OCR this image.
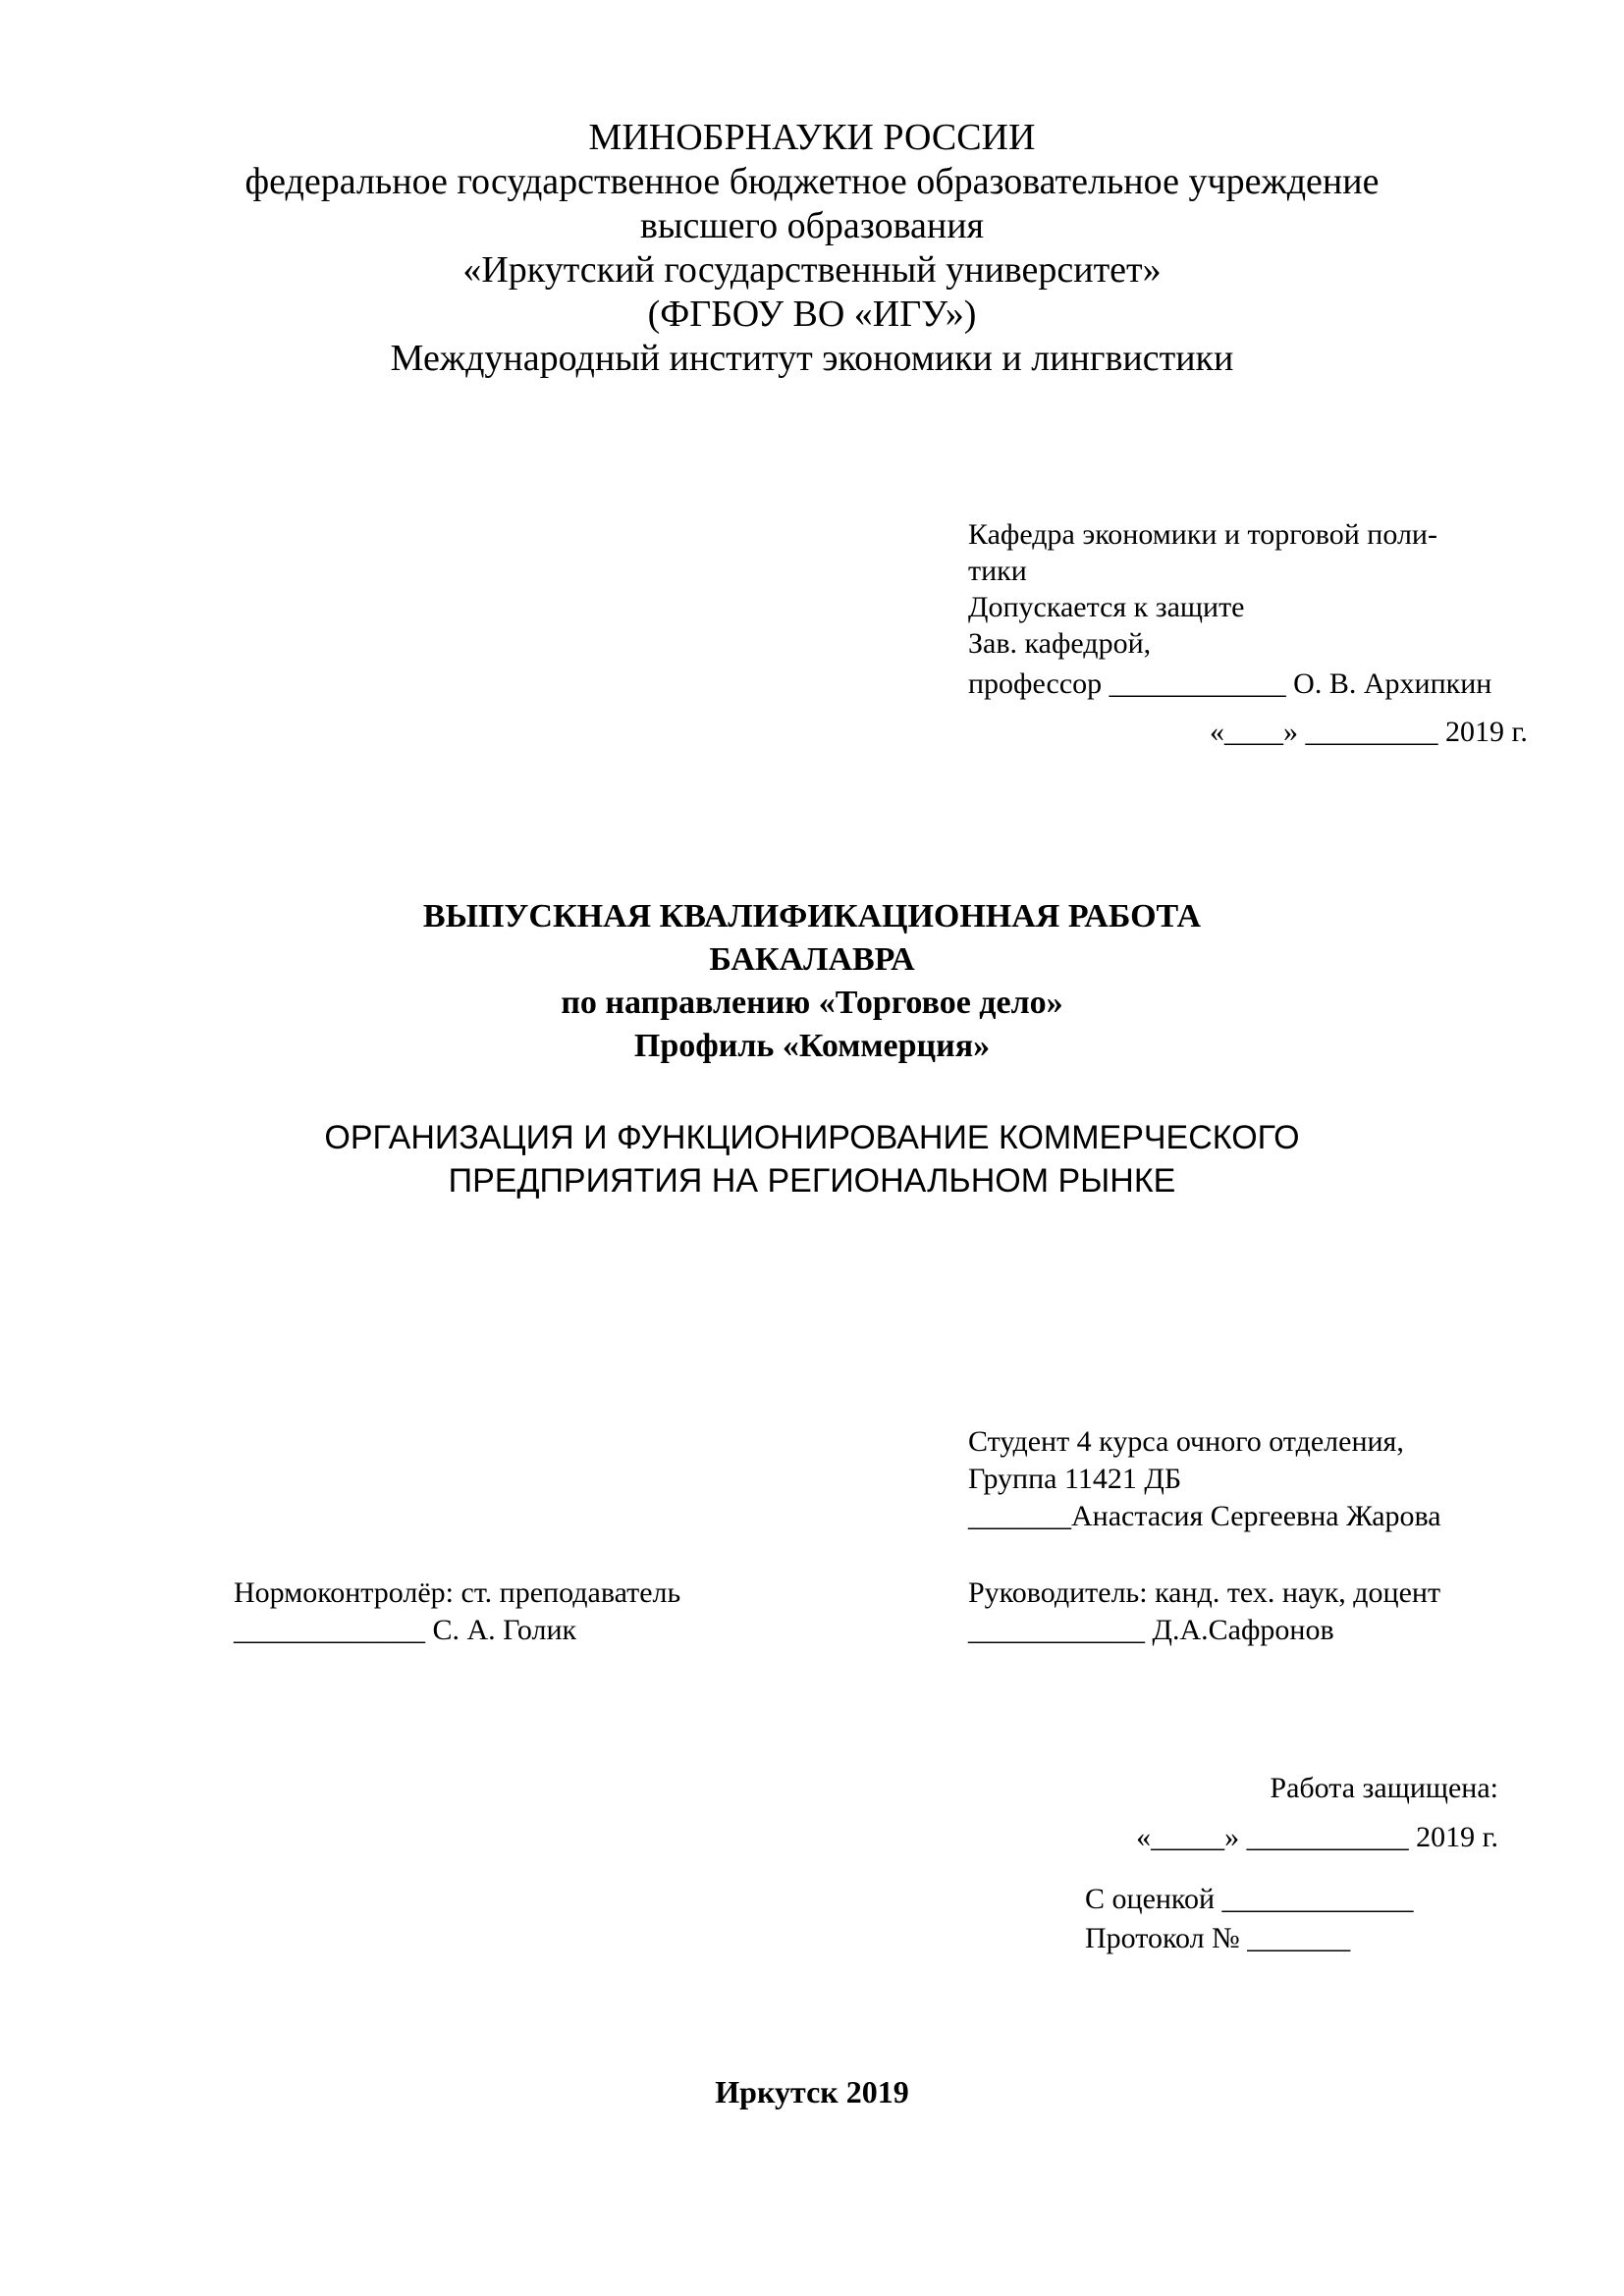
МИНОБРНАУКИ РОССИИ
федеральное государственное бюджетное образовательное учреждение
высшего образования
«Иркутский государственный университет»
(ФГБОУ ВО «ИГУ»)
Международный институт экономики и лингвистики
Кафедра экономики и торговой поли-
тики
Допускается к защите
Зав. кафедрой,
профессор ____________ О. В. Архипкин
«____» _________ 2019 г.
ВЫПУСКНАЯ КВАЛИФИКАЦИОННАЯ РАБОТА
БАКАЛАВРА
по направлению «Торговое дело»
Профиль «Коммерция»
ОРГАНИЗАЦИЯ И ФУНКЦИОНИРОВАНИЕ КОММЕРЧЕСКОГО
ПРЕДПРИЯТИЯ НА РЕГИОНАЛЬНОМ РЫНКЕ
Студент 4 курса очного отделения,
Группа 11421 ДБ
_______Анастасия Сергеевна Жарова
Нормоконтролёр: ст. преподаватель
_____________ С. А. Голик
Руководитель: канд. тех. наук, доцент
____________ Д.А.Сафронов
Работа защищена:
«_____» ___________ 2019 г.
С оценкой _____________
Протокол № _______
Иркутск 2019
